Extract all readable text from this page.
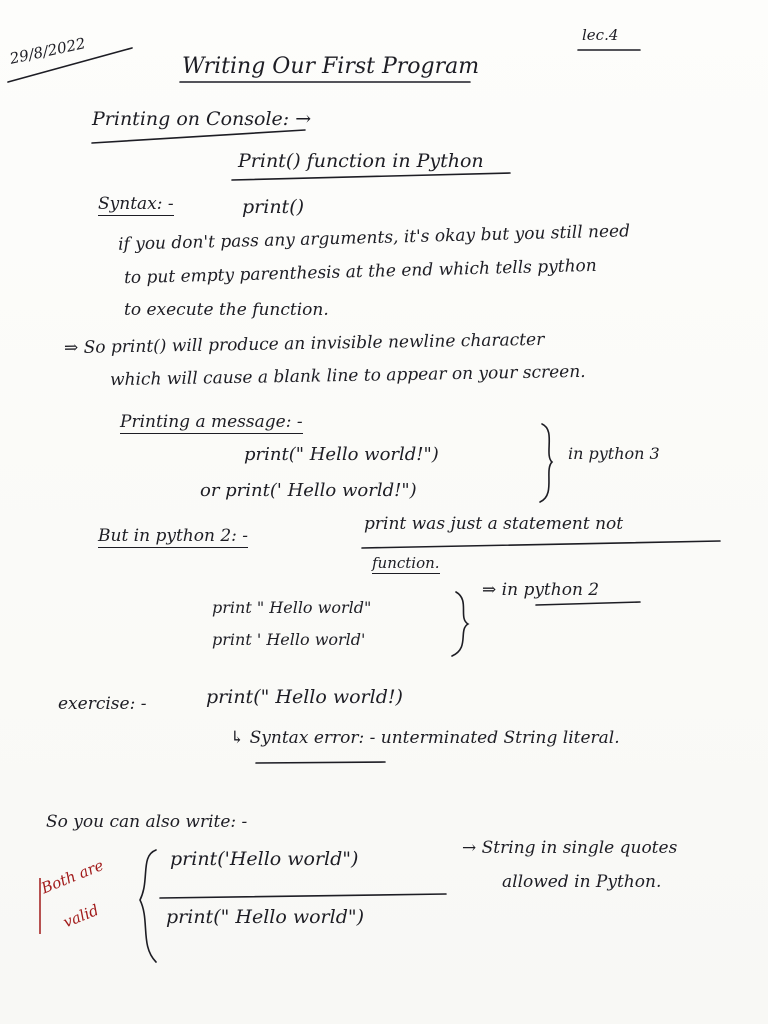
29/8/2022	lec.4
Writing Our First Program
Printing on Console: →
Print() function in Python
Syntax: -	print()
if you don't pass any arguments, it's okay but you still need
to put empty parenthesis at the end which tells python
to execute the function.
⇒ So print() will produce an invisible newline character
which will cause a blank line to appear on your screen.
Printing a message: -
print(" Hello world!")
or print(' Hello world!")
in python 3
But in python 2: -
print was just a statement not
function.
print " Hello world"
print ' Hello world'
⇒ in python 2
exercise: -	print(" Hello world!)
↳ Syntax error: - unterminated String literal.
So you can also write: -
print('Hello world")
print(" Hello world")
→ String in single quotes
allowed in Python.
Both are
valid
